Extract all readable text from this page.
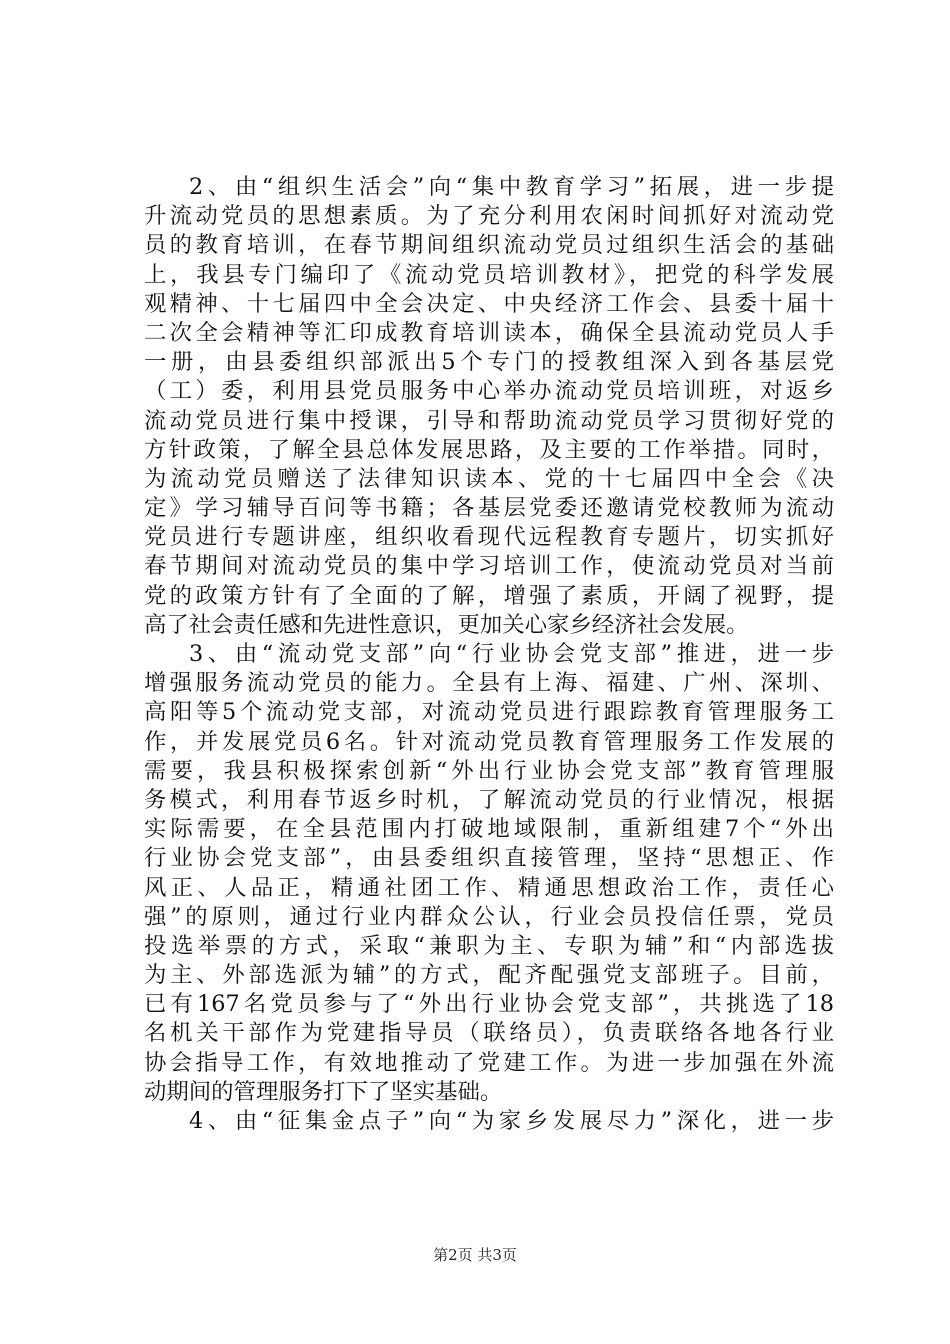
2、由“组织生活会”向“集中教育学习”拓展，进一步提
升流动党员的思想素质。为了充分利用农闲时间抓好对流动党
员的教育培训，在春节期间组织流动党员过组织生活会的基础
上，我县专门编印了《流动党员培训教材》，把党的科学发展
观精神、十七届四中全会决定、中央经济工作会、县委十届十
二次全会精神等汇印成教育培训读本，确保全县流动党员人手
一册，由县委组织部派出5个专门的授教组深入到各基层党
（工）委，利用县党员服务中心举办流动党员培训班，对返乡
流动党员进行集中授课，引导和帮助流动党员学习贯彻好党的
方针政策，了解全县总体发展思路，及主要的工作举措。同时，
为流动党员赠送了法律知识读本、党的十七届四中全会《决
定》学习辅导百问等书籍；各基层党委还邀请党校教师为流动
党员进行专题讲座，组织收看现代远程教育专题片，切实抓好
春节期间对流动党员的集中学习培训工作，使流动党员对当前
党的政策方针有了全面的了解，增强了素质，开阔了视野，提
高了社会责任感和先进性意识，更加关心家乡经济社会发展。
3、由“流动党支部”向“行业协会党支部”推进，进一步
增强服务流动党员的能力。全县有上海、福建、广州、深圳、
高阳等5个流动党支部，对流动党员进行跟踪教育管理服务工
作，并发展党员6名。针对流动党员教育管理服务工作发展的
需要，我县积极探索创新“外出行业协会党支部”教育管理服
务模式，利用春节返乡时机，了解流动党员的行业情况，根据
实际需要，在全县范围内打破地域限制，重新组建7个“外出
行业协会党支部”，由县委组织直接管理，坚持“思想正、作
风正、人品正，精通社团工作、精通思想政治工作，责任心
强”的原则，通过行业内群众公认，行业会员投信任票，党员
投选举票的方式，采取“兼职为主、专职为辅”和“内部选拔
为主、外部选派为辅”的方式，配齐配强党支部班子。目前，
已有167名党员参与了“外出行业协会党支部”，共挑选了18
名机关干部作为党建指导员（联络员），负责联络各地各行业
协会指导工作，有效地推动了党建工作。为进一步加强在外流
动期间的管理服务打下了坚实基础。
4、由“征集金点子”向“为家乡发展尽力”深化，进一步
第2页 共3页
